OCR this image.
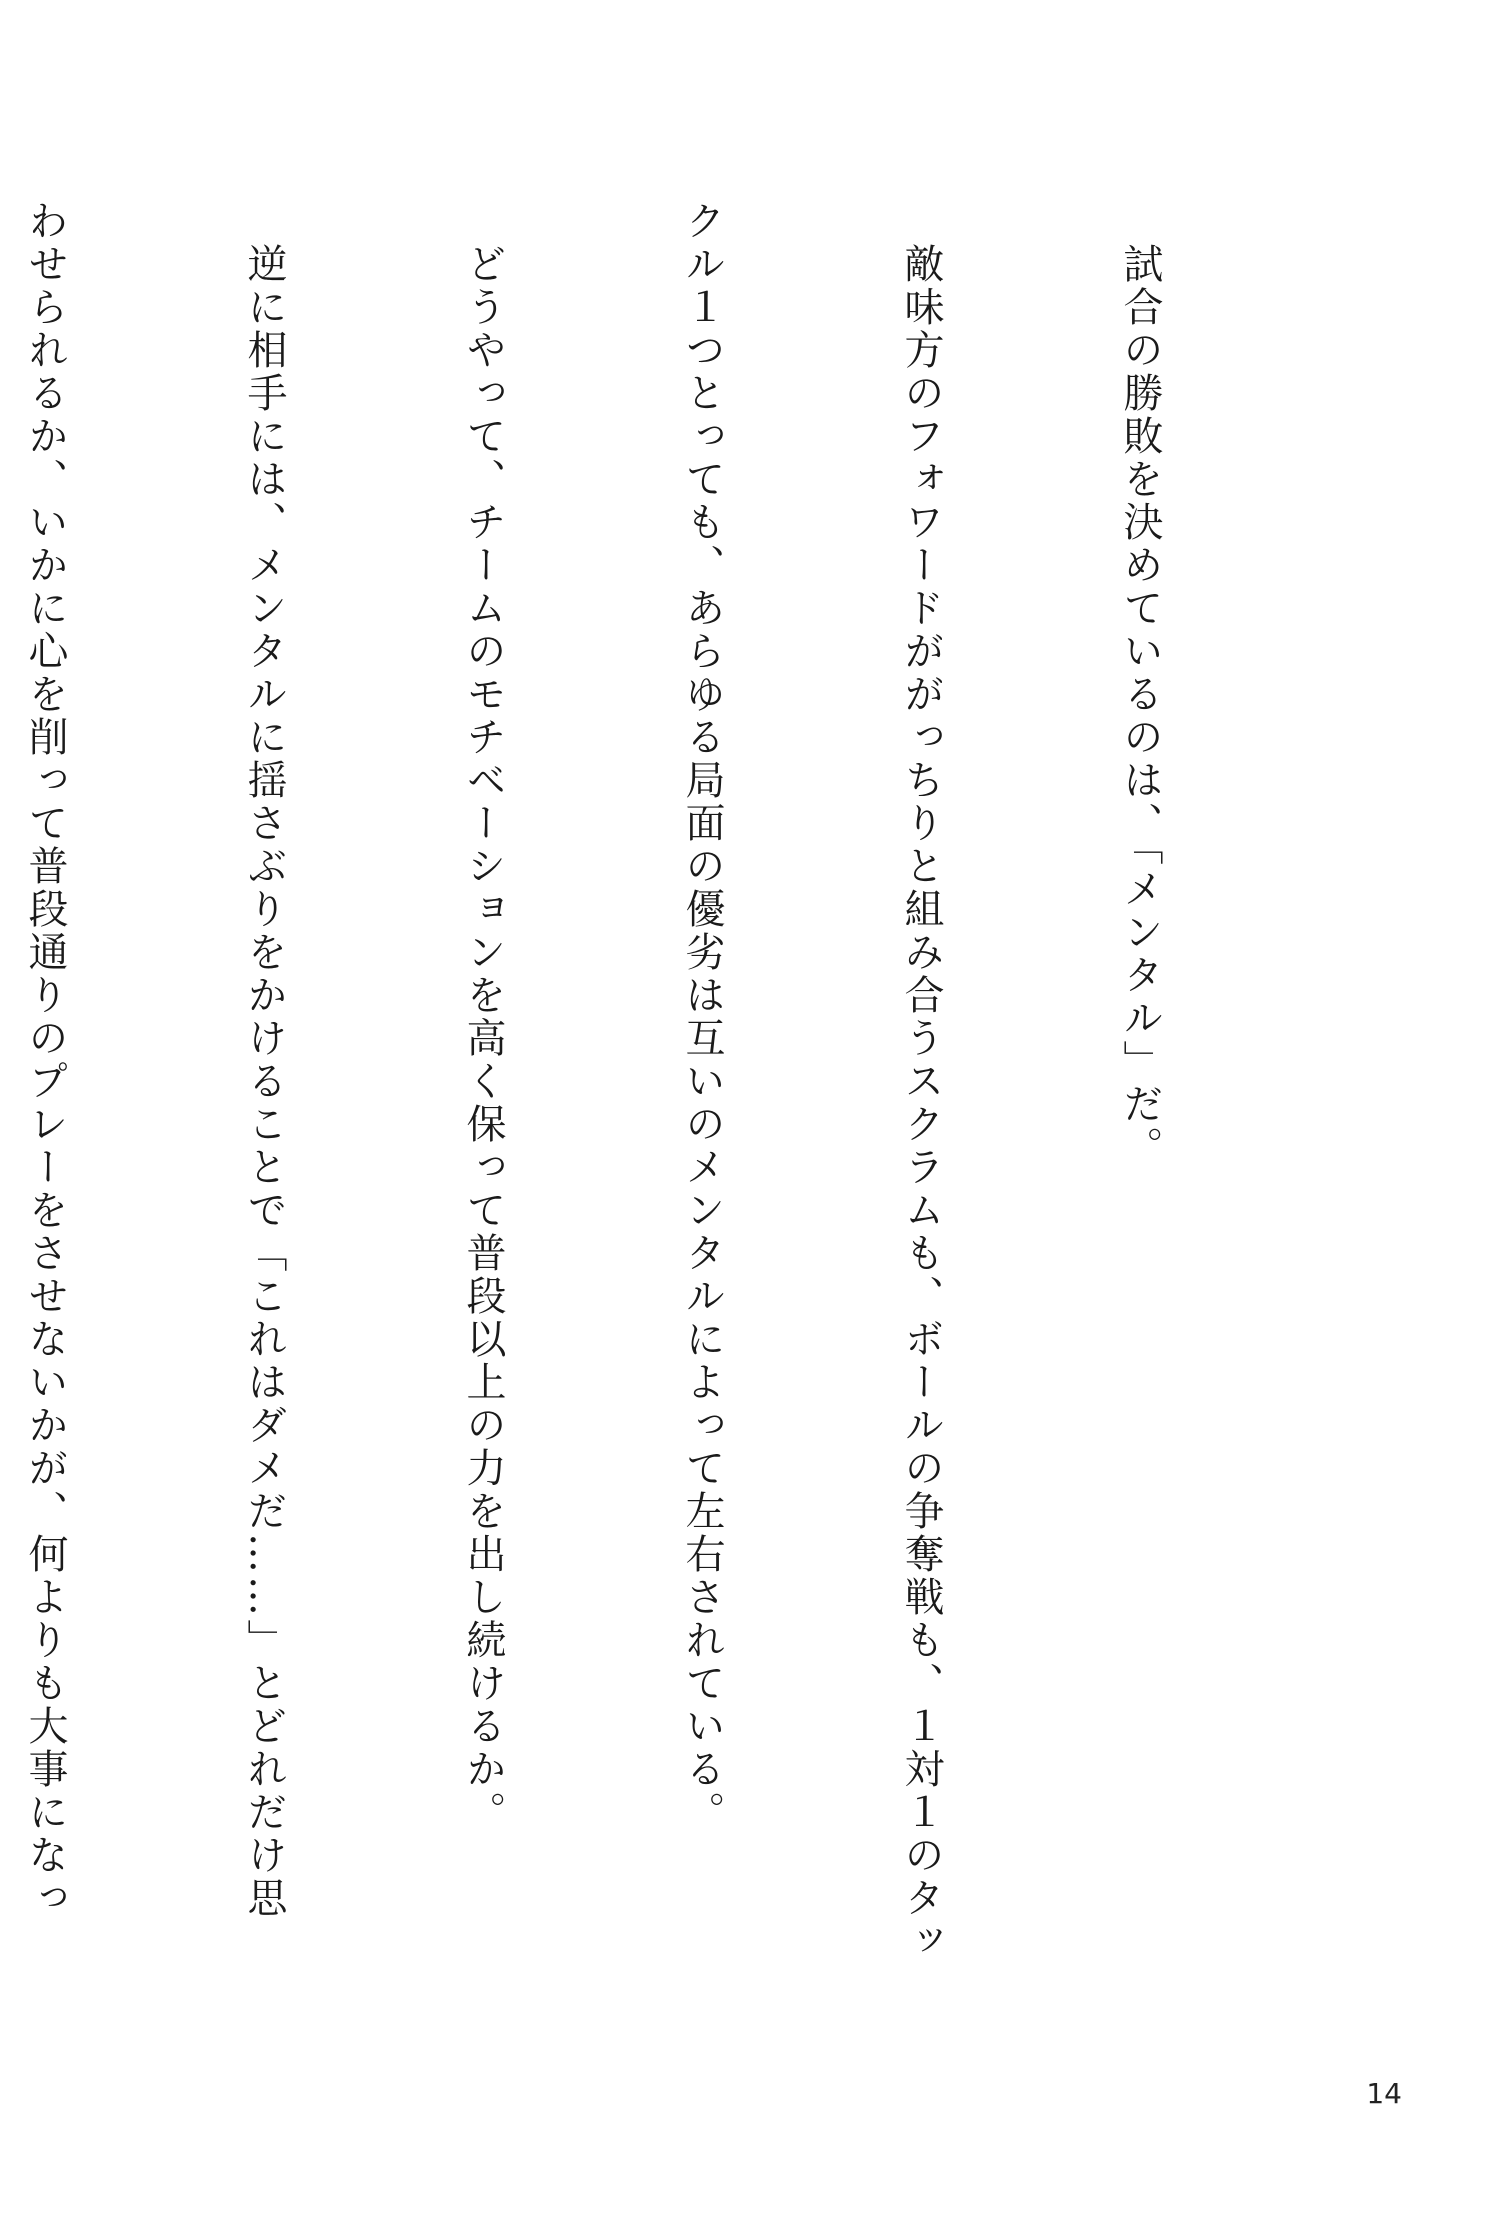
　試合の勝敗を決めているのは、「メンタル」だ。

　敵味方のフォワードががっちりと組み合うスクラムも、ボールの争奪戦も、１対１のタッ

クル１つとっても、あらゆる局面の優劣は互いのメンタルによって左右されている。

　どうやって、チームのモチベーションを高く保って普段以上の力を出し続けるか。

　逆に相手には、メンタルに揺さぶりをかけることで「これはダメだ……」とどれだけ思

わせられるか、いかに心を削って普段通りのプレーをさせないかが、何よりも大事になっ

14
